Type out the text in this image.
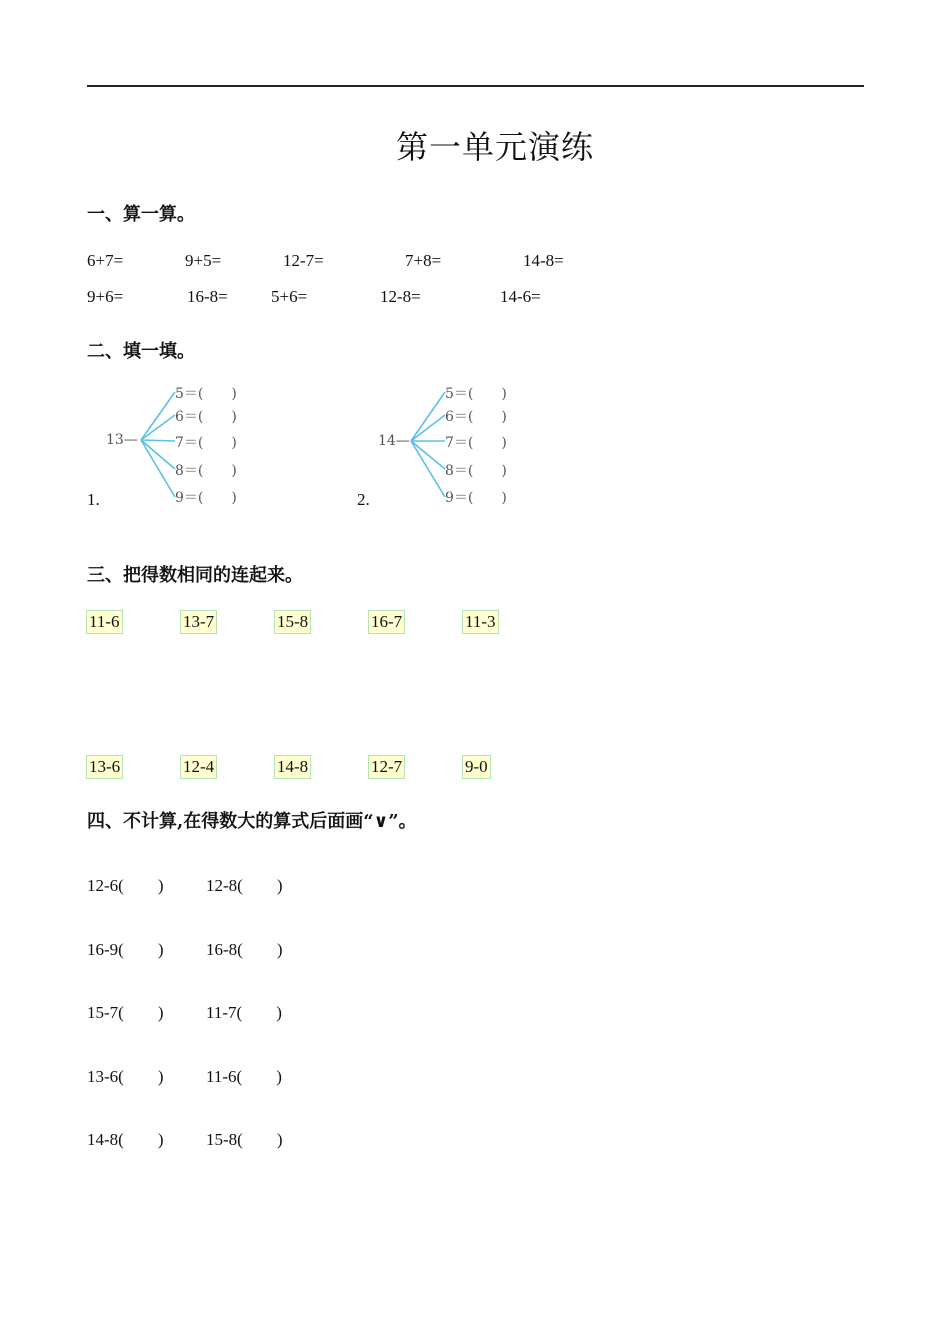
第一单元演练
一、算一算。
6+7=	9+5=	12-7=	7+8=	14-8=
9+6=	16-8=	5+6=	12-8=	14-6=
二、填一填。
1.
13—
5＝(　　)
6＝(　　)
7＝(　　)
8＝(　　)
9＝(　　)	2.
14—
5＝(　　)
6＝(　　)
7＝(　　)
8＝(　　)
9＝(　　)
三、把得数相同的连起来。
11-6	13-7	15-8	16-7	11-3
13-6	12-4	14-8	12-7	9-0
四、不计算,在得数大的算式后面画“∨”。
12-6(　　)	12-8(　　)
16-9(　　)	16-8(　　)
15-7(　　)	11-7(　　)
13-6(　　)	11-6(　　)
14-8(　　)	15-8(　　)
